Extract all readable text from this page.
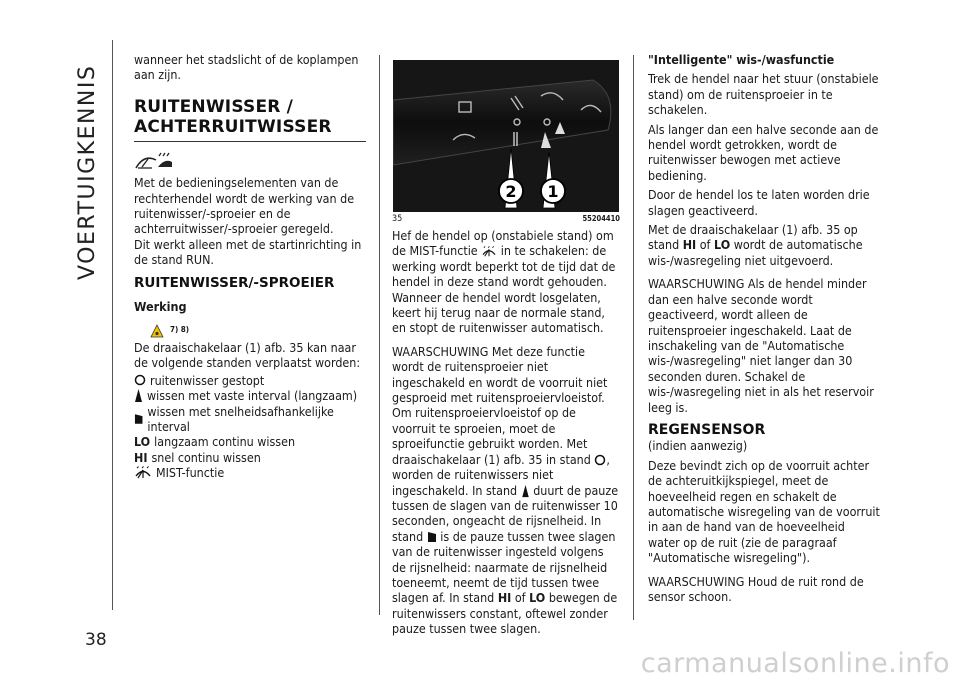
VOERTUIGKENNIS
38

wanneer het stadslicht of de koplampen aan zijn.

RUITENWISSER / ACHTERRUITWISSER

Met de bedieningselementen van de rechterhendel wordt de werking van de ruitenwisser/-sproeier en de achterruitwisser/-sproeier geregeld.

Dit werkt alleen met de startinrichting in de stand RUN.

RUITENWISSER/-SPROEIER
Werking
7) 8)

De draaischakelaar (1) afb. 35 kan naar de volgende standen verplaatst worden:

ruitenwisser gestopt
wissen met vaste interval (langzaam)
wissen met snelheidsafhankelijke interval
LO langzaam continu wissen
HI snel continu wissen
MIST-functie
2 1
35	55204410

Hef de hendel op (onstabiele stand) om de MIST-functie in te schakelen: de werking wordt beperkt tot de tijd dat de hendel in deze stand wordt gehouden. Wanneer de hendel wordt losgelaten, keert hij terug naar de normale stand, en stopt de ruitenwisser automatisch.

WAARSCHUWING Met deze functie wordt de ruitensproeier niet ingeschakeld en wordt de voorruit niet gesproeid met ruitensproeiervloeistof. Om ruitensproeiervloeistof op de voorruit te sproeien, moet de sproeifunctie gebruikt worden. Met draaischakelaar (1) afb. 35 in stand , worden de ruitenwissers niet ingeschakeld. In stand duurt de pauze tussen de slagen van de ruitenwisser 10 seconden, ongeacht de rijsnelheid. In stand is de pauze tussen twee slagen van de ruitenwisser ingesteld volgens de rijsnelheid: naarmate de rijsnelheid toeneemt, neemt de tijd tussen twee slagen af. In stand HI of LO bewegen de ruitenwissers constant, oftewel zonder pauze tussen twee slagen.

"Intelligente" wis-/wasfunctie

Trek de hendel naar het stuur (onstabiele stand) om de ruitensproeier in te schakelen.

Als langer dan een halve seconde aan de hendel wordt getrokken, wordt de ruitenwisser bewogen met actieve bediening.

Door de hendel los te laten worden drie slagen geactiveerd.

Met de draaischakelaar (1) afb. 35 op stand HI of LO wordt de automatische wis-/wasregeling niet uitgevoerd.

WAARSCHUWING Als de hendel minder dan een halve seconde wordt geactiveerd, wordt alleen de ruitensproeier ingeschakeld. Laat de inschakeling van de "Automatische wis-/wasregeling" niet langer dan 30 seconden duren. Schakel de wis-/wasregeling niet in als het reservoir leeg is.

REGENSENSOR

(indien aanwezig)

Deze bevindt zich op de voorruit achter de achteruitkijkspiegel, meet de hoeveelheid regen en schakelt de automatische wisregeling van de voorruit in aan de hand van de hoeveelheid water op de ruit (zie de paragraaf "Automatische wisregeling").

WAARSCHUWING Houd de ruit rond de sensor schoon.

carmanualsonline.info
